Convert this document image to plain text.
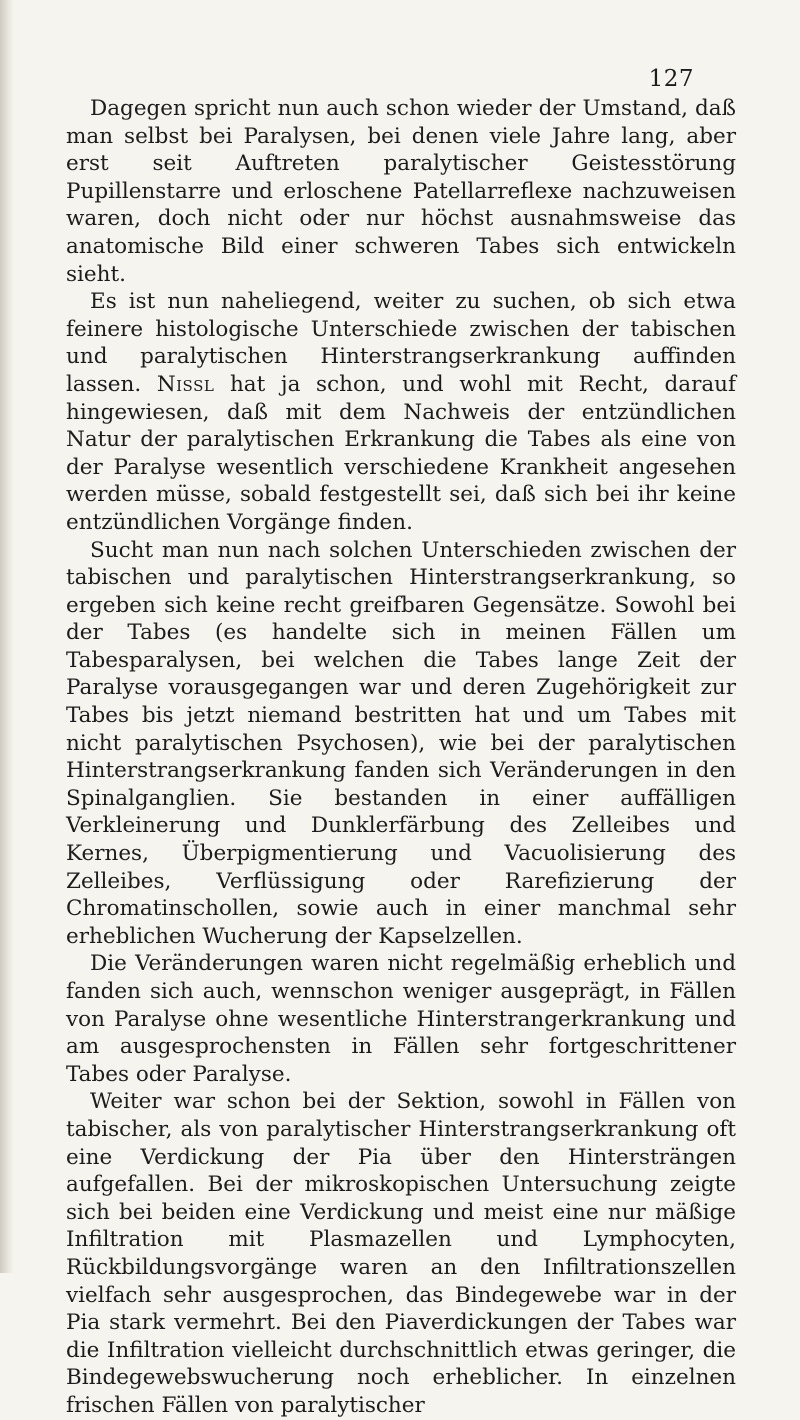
127

Dagegen spricht nun auch schon wieder der Umstand, daß man selbst bei Paralysen, bei denen viele Jahre lang, aber erst seit Auftreten paralytischer Geistesstörung Pupillenstarre und erloschene Patellarreflexe nachzuweisen waren, doch nicht oder nur höchst ausnahmsweise das anatomische Bild einer schweren Tabes sich entwickeln sieht.

Es ist nun naheliegend, weiter zu suchen, ob sich etwa feinere histologische Unterschiede zwischen der tabischen und paralytischen Hinterstrangserkrankung auffinden lassen. Nissl hat ja schon, und wohl mit Recht, darauf hingewiesen, daß mit dem Nachweis der entzündlichen Natur der paralytischen Erkrankung die Tabes als eine von der Paralyse wesentlich verschiedene Krankheit angesehen werden müsse, sobald festgestellt sei, daß sich bei ihr keine entzündlichen Vorgänge finden.

Sucht man nun nach solchen Unterschieden zwischen der tabischen und paralytischen Hinterstrangserkrankung, so ergeben sich keine recht greifbaren Gegensätze. Sowohl bei der Tabes (es handelte sich in meinen Fällen um Tabesparalysen, bei welchen die Tabes lange Zeit der Paralyse vorausgegangen war und deren Zugehörigkeit zur Tabes bis jetzt niemand bestritten hat und um Tabes mit nicht paralytischen Psychosen), wie bei der paralytischen Hinterstrangserkrankung fanden sich Veränderungen in den Spinalganglien. Sie bestanden in einer auffälligen Verkleinerung und Dunklerfärbung des Zelleibes und Kernes, Überpigmentierung und Vacuolisierung des Zelleibes, Verflüssigung oder Rarefizierung der Chromatinschollen, sowie auch in einer manchmal sehr erheblichen Wucherung der Kapselzellen.

Die Veränderungen waren nicht regelmäßig erheblich und fanden sich auch, wennschon weniger ausgeprägt, in Fällen von Paralyse ohne wesentliche Hinterstrangerkrankung und am ausgesprochensten in Fällen sehr fortgeschrittener Tabes oder Paralyse.

Weiter war schon bei der Sektion, sowohl in Fällen von tabischer, als von paralytischer Hinterstrangserkrankung oft eine Verdickung der Pia über den Hintersträngen aufgefallen. Bei der mikroskopischen Untersuchung zeigte sich bei beiden eine Verdickung und meist eine nur mäßige Infiltration mit Plasmazellen und Lymphocyten, Rückbildungsvorgänge waren an den Infiltrationszellen vielfach sehr ausgesprochen, das Bindegewebe war in der Pia stark vermehrt. Bei den Piaverdickungen der Tabes war die Infiltration vielleicht durchschnittlich etwas geringer, die Bindegewebswucherung noch erheblicher. In einzelnen frischen Fällen von paralytischer
